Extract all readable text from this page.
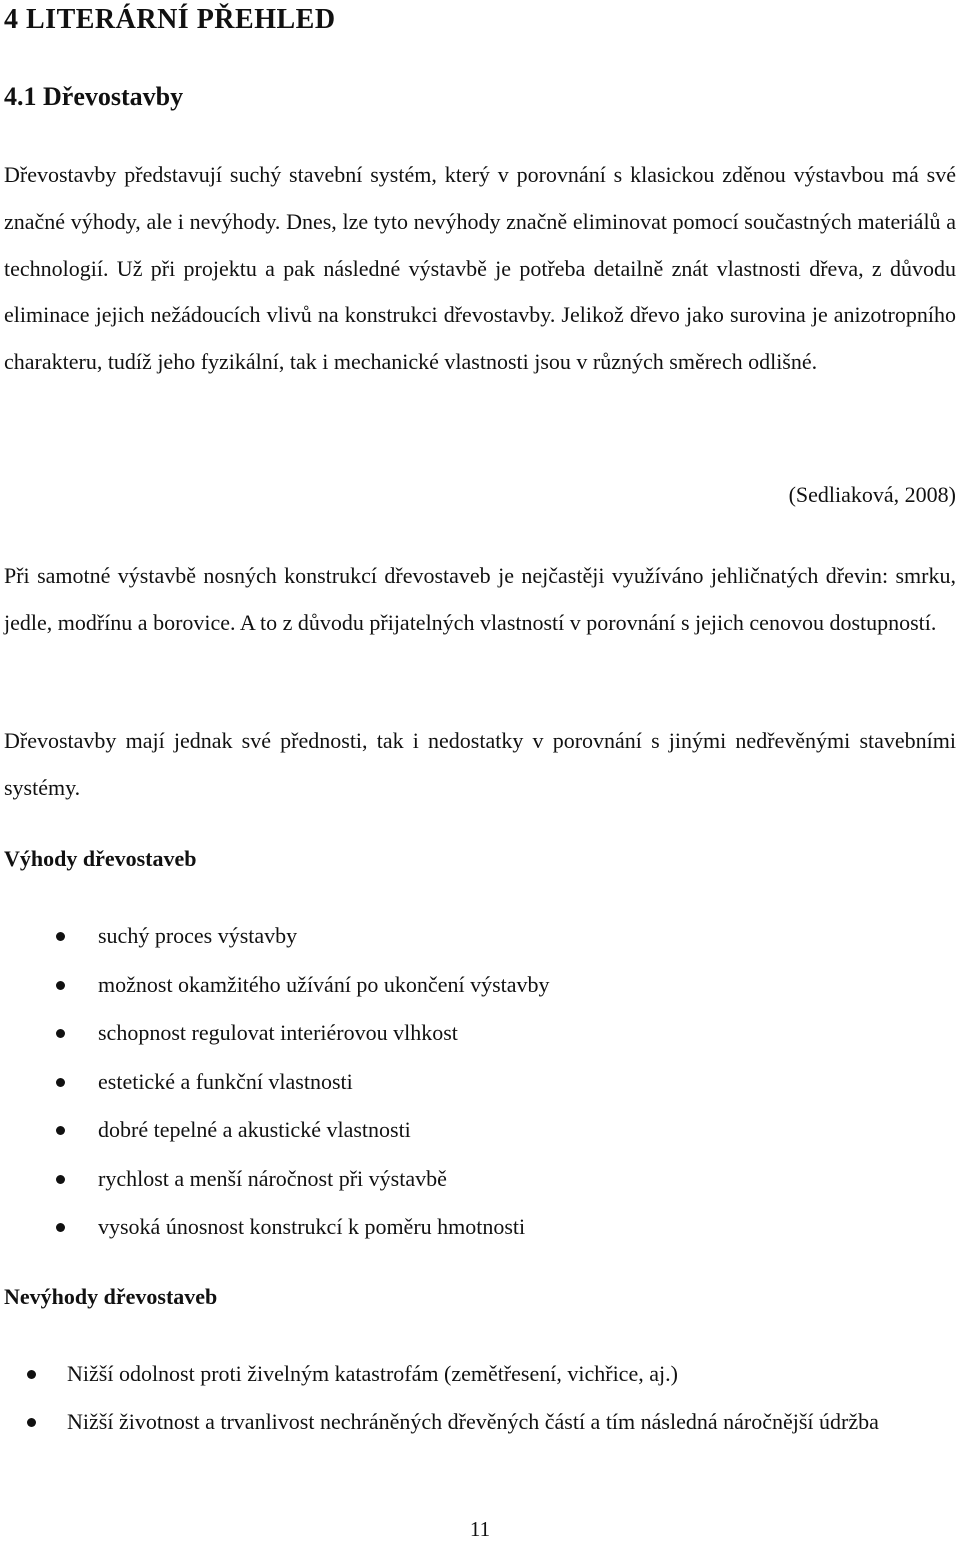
4 LITERÁRNÍ PŘEHLED
4.1 Dřevostavby
Dřevostavby představují suchý stavební systém, který v porovnání s klasickou zděnou výstavbou má své značné výhody, ale i nevýhody. Dnes, lze tyto nevýhody značně eliminovat pomocí součastných materiálů a technologií. Už při projektu a pak následné výstavbě je potřeba detailně znát vlastnosti dřeva, z důvodu eliminace jejich nežádoucích vlivů na konstrukci dřevostavby. Jelikož dřevo jako surovina je anizotropního charakteru, tudíž jeho fyzikální, tak i mechanické vlastnosti jsou v různých směrech odlišné.
(Sedliaková, 2008)
Při samotné výstavbě nosných konstrukcí dřevostaveb je nejčastěji využíváno jehličnatých dřevin: smrku, jedle, modřínu a borovice. A to z důvodu přijatelných vlastností v porovnání s jejich cenovou dostupností.
Dřevostavby mají jednak své přednosti, tak i nedostatky v porovnání s jinými nedřevěnými stavebními systémy.
Výhody dřevostaveb
suchý proces výstavby
možnost okamžitého užívání po ukončení výstavby
schopnost regulovat interiérovou vlhkost
estetické a funkční vlastnosti
dobré tepelné a akustické vlastnosti
rychlost a menší náročnost při výstavbě
vysoká únosnost konstrukcí k poměru hmotnosti
Nevýhody dřevostaveb
Nižší odolnost proti živelným katastrofám (zemětřesení, vichřice, aj.)
Nižší životnost a trvanlivost nechráněných dřevěných částí a tím následná náročnější údržba
11
